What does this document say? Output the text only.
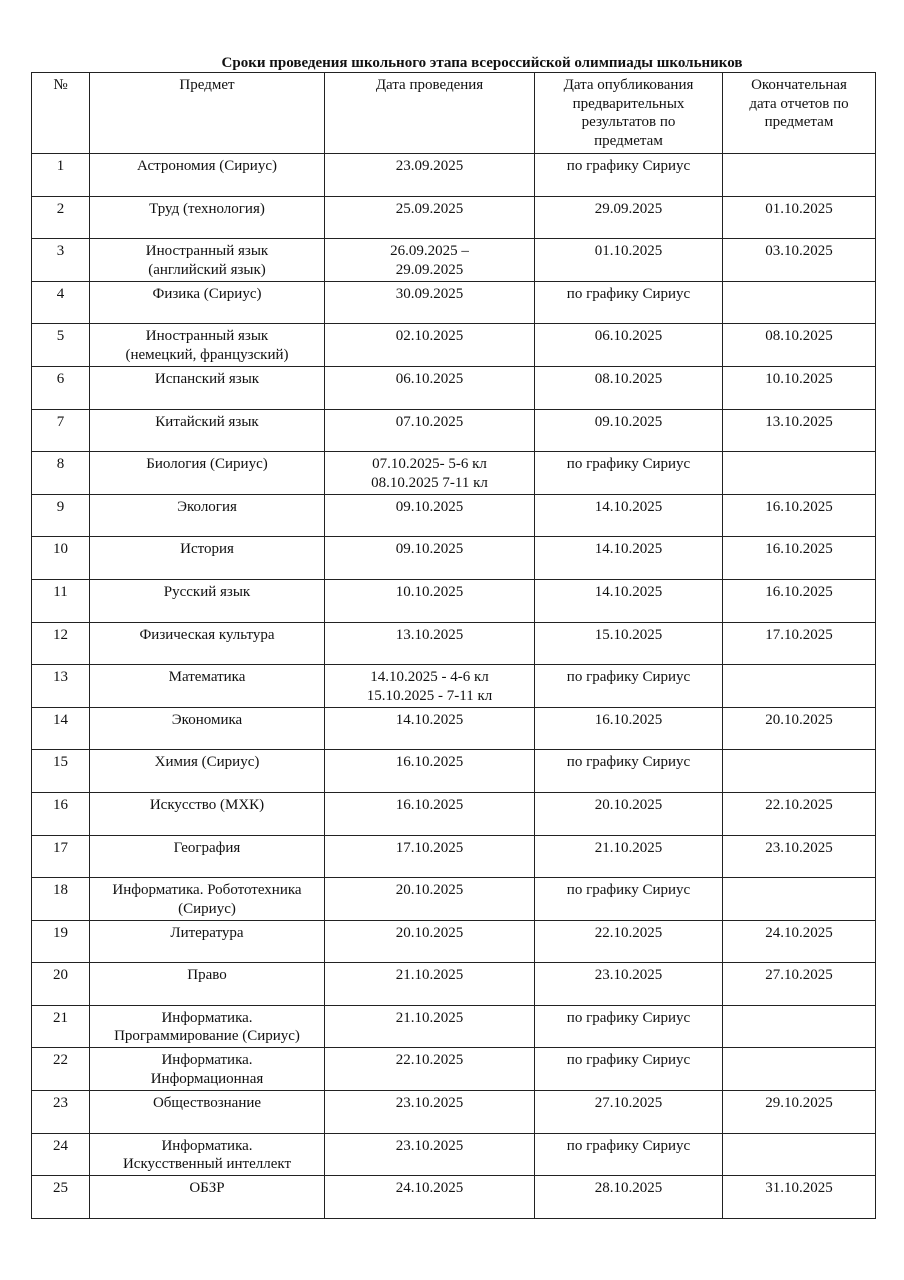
Сроки проведения школьного этапа всероссийской олимпиады школьников
№	Предмет	Дата проведения	Дата опубликования
предварительных
результатов по
предметам	Окончательная
дата отчетов по
предметам
1	Астрономия (Сириус)	23.09.2025	по графику Сириус	
2	Труд (технология)	25.09.2025	29.09.2025	01.10.2025
3	Иностранный язык
(английский язык)	26.09.2025 –
29.09.2025	01.10.2025	03.10.2025
4	Физика (Сириус)	30.09.2025	по графику Сириус	
5	Иностранный язык
(немецкий, французский)	02.10.2025	06.10.2025	08.10.2025
6	Испанский язык	06.10.2025	08.10.2025	10.10.2025
7	Китайский язык	07.10.2025	09.10.2025	13.10.2025
8	Биология (Сириус)	07.10.2025- 5-6 кл
08.10.2025 7-11 кл	по графику Сириус	
9	Экология	09.10.2025	14.10.2025	16.10.2025
10	История	09.10.2025	14.10.2025	16.10.2025
11	Русский язык	10.10.2025	14.10.2025	16.10.2025
12	Физическая культура	13.10.2025	15.10.2025	17.10.2025
13	Математика	14.10.2025 - 4-6 кл
15.10.2025 - 7-11 кл	по графику Сириус	
14	Экономика	14.10.2025	16.10.2025	20.10.2025
15	Химия (Сириус)	16.10.2025	по графику Сириус	
16	Искусство (МХК)	16.10.2025	20.10.2025	22.10.2025
17	География	17.10.2025	21.10.2025	23.10.2025
18	Информатика. Робототехника
(Сириус)	20.10.2025	по графику Сириус	
19	Литература	20.10.2025	22.10.2025	24.10.2025
20	Право	21.10.2025	23.10.2025	27.10.2025
21	Информатика.
Программирование (Сириус)	21.10.2025	по графику Сириус	
22	Информатика.
Информационная	22.10.2025	по графику Сириус	
23	Обществознание	23.10.2025	27.10.2025	29.10.2025
24	Информатика.
Искусственный интеллект	23.10.2025	по графику Сириус	
25	ОБЗР	24.10.2025	28.10.2025	31.10.2025
